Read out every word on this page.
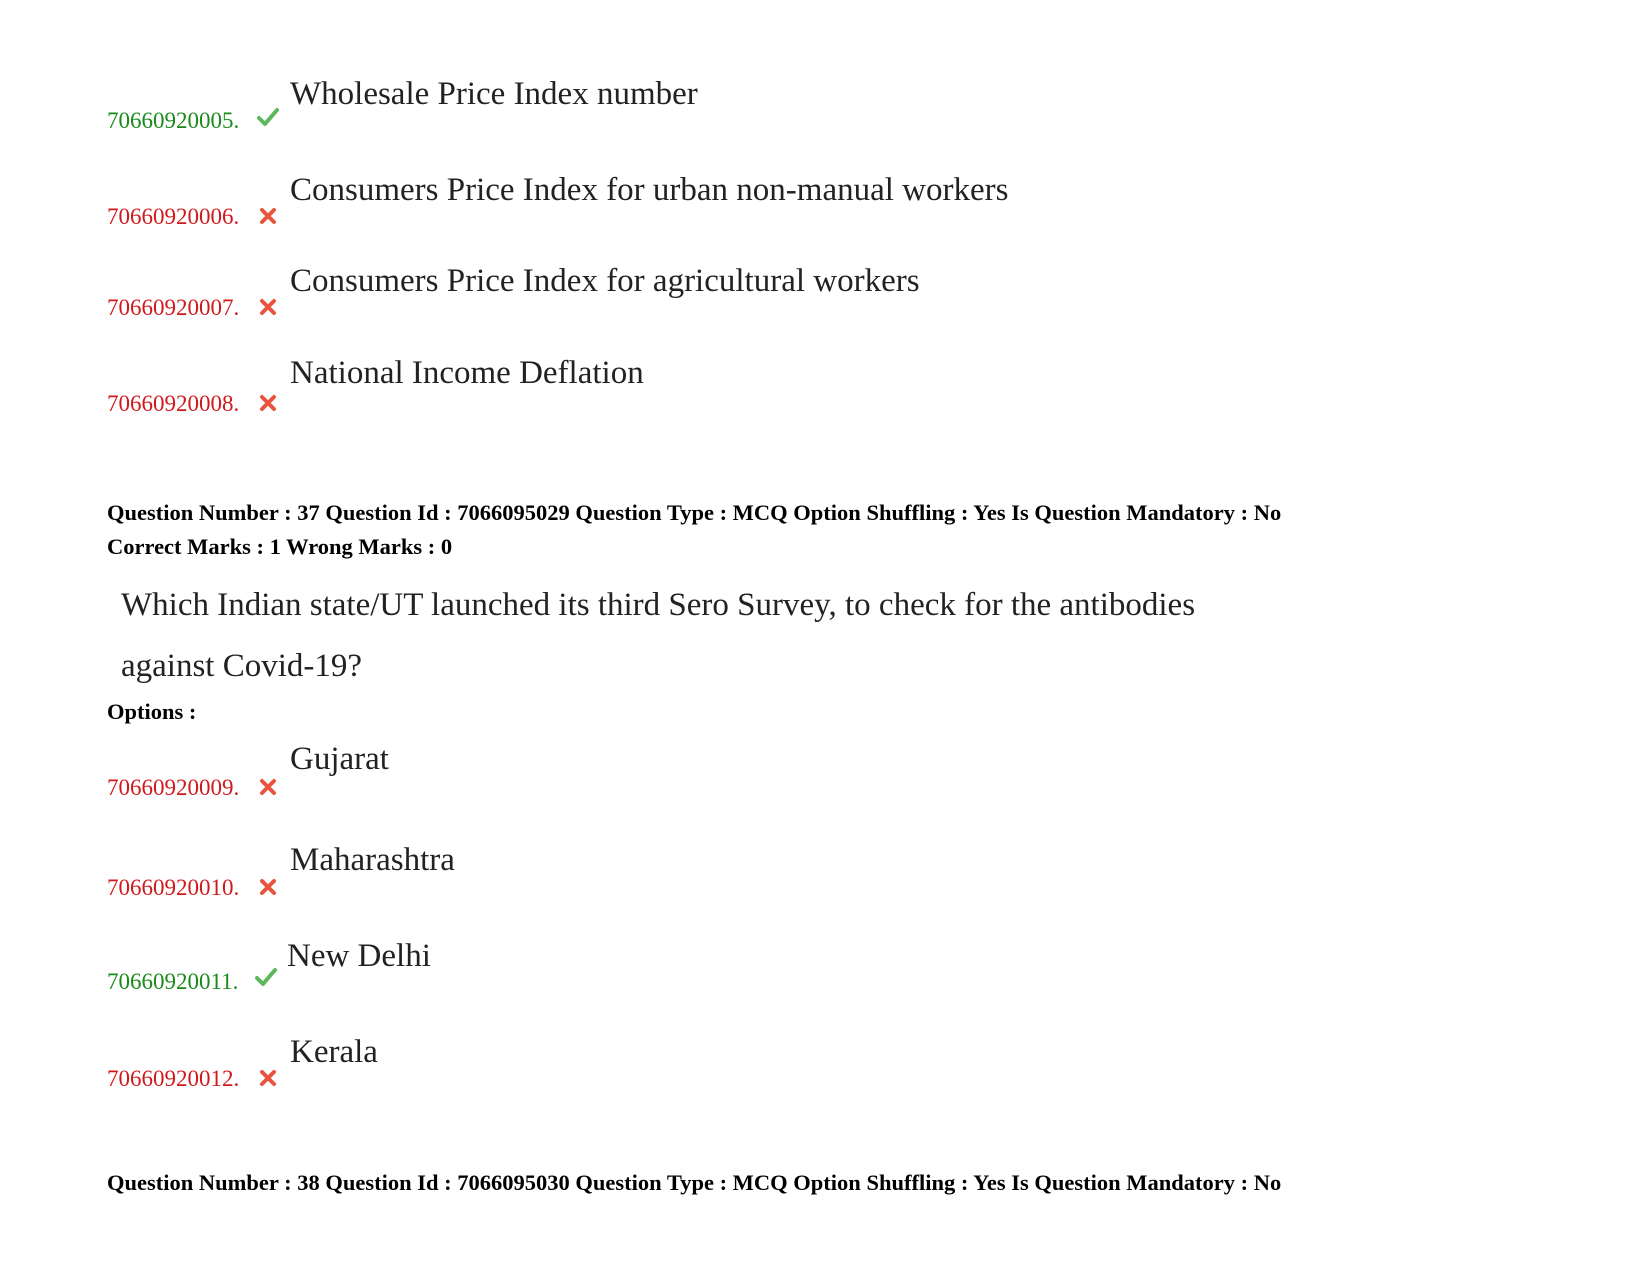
70660920005.
Wholesale Price Index number
70660920006.
Consumers Price Index for urban non-manual workers
70660920007.
Consumers Price Index for agricultural workers
70660920008.
National Income Deflation
Question Number : 37 Question Id : 7066095029 Question Type : MCQ Option Shuffling : Yes Is Question Mandatory : No
Correct Marks : 1 Wrong Marks : 0
Which Indian state/UT launched its third Sero Survey, to check for the antibodies
against Covid-19?
Options :
70660920009.
Gujarat
70660920010.
Maharashtra
70660920011.
New Delhi
70660920012.
Kerala
Question Number : 38 Question Id : 7066095030 Question Type : MCQ Option Shuffling : Yes Is Question Mandatory : No
